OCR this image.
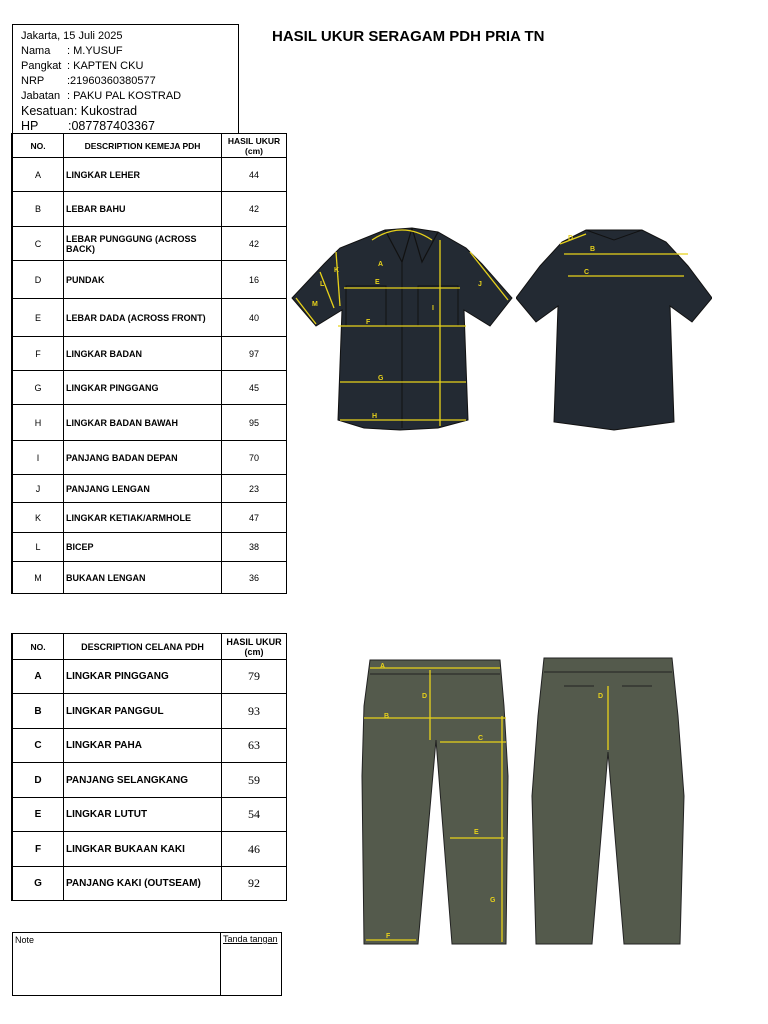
Jakarta, 15 Juli 2025
Nama	: M.YUSUF
Pangkat : KAPTEN CKU
NRP	:21960360380577
Jabatan : PAKU PAL KOSTRAD
Kesatuan : Kukostrad
HP	:087787403367
HASIL UKUR SERAGAM PDH PRIA TN
NO.	DESCRIPTION KEMEJA PDH	HASIL UKUR
(cm)
A	LINGKAR LEHER	44
B	LEBAR BAHU	42
C	LEBAR PUNGGUNG (ACROSS BACK)	42
D	PUNDAK	16
E	LEBAR DADA (ACROSS FRONT)	40
F	LINGKAR BADAN	97
G	LINGKAR PINGGANG	45
H	LINGKAR BADAN BAWAH	95
I	PANJANG BADAN DEPAN	70
J	PANJANG LENGAN	23
K	LINGKAR KETIAK/ARMHOLE	47
L	BICEP	38
M	BUKAAN LENGAN	36
NO.	DESCRIPTION CELANA PDH	HASIL UKUR
(cm)
A	LINGKAR PINGGANG	79
B	LINGKAR PANGGUL	93
C	LINGKAR PAHA	63
D	PANJANG SELANGKANG	59
E	LINGKAR LUTUT	54
F	LINGKAR BUKAAN KAKI	46
G	PANJANG KAKI (OUTSEAM)	92
Note	Tanda tangan
A
E
F
G
H
I
J
K
L
M
B
C
D
A
B
C
D
E
F
G
D
